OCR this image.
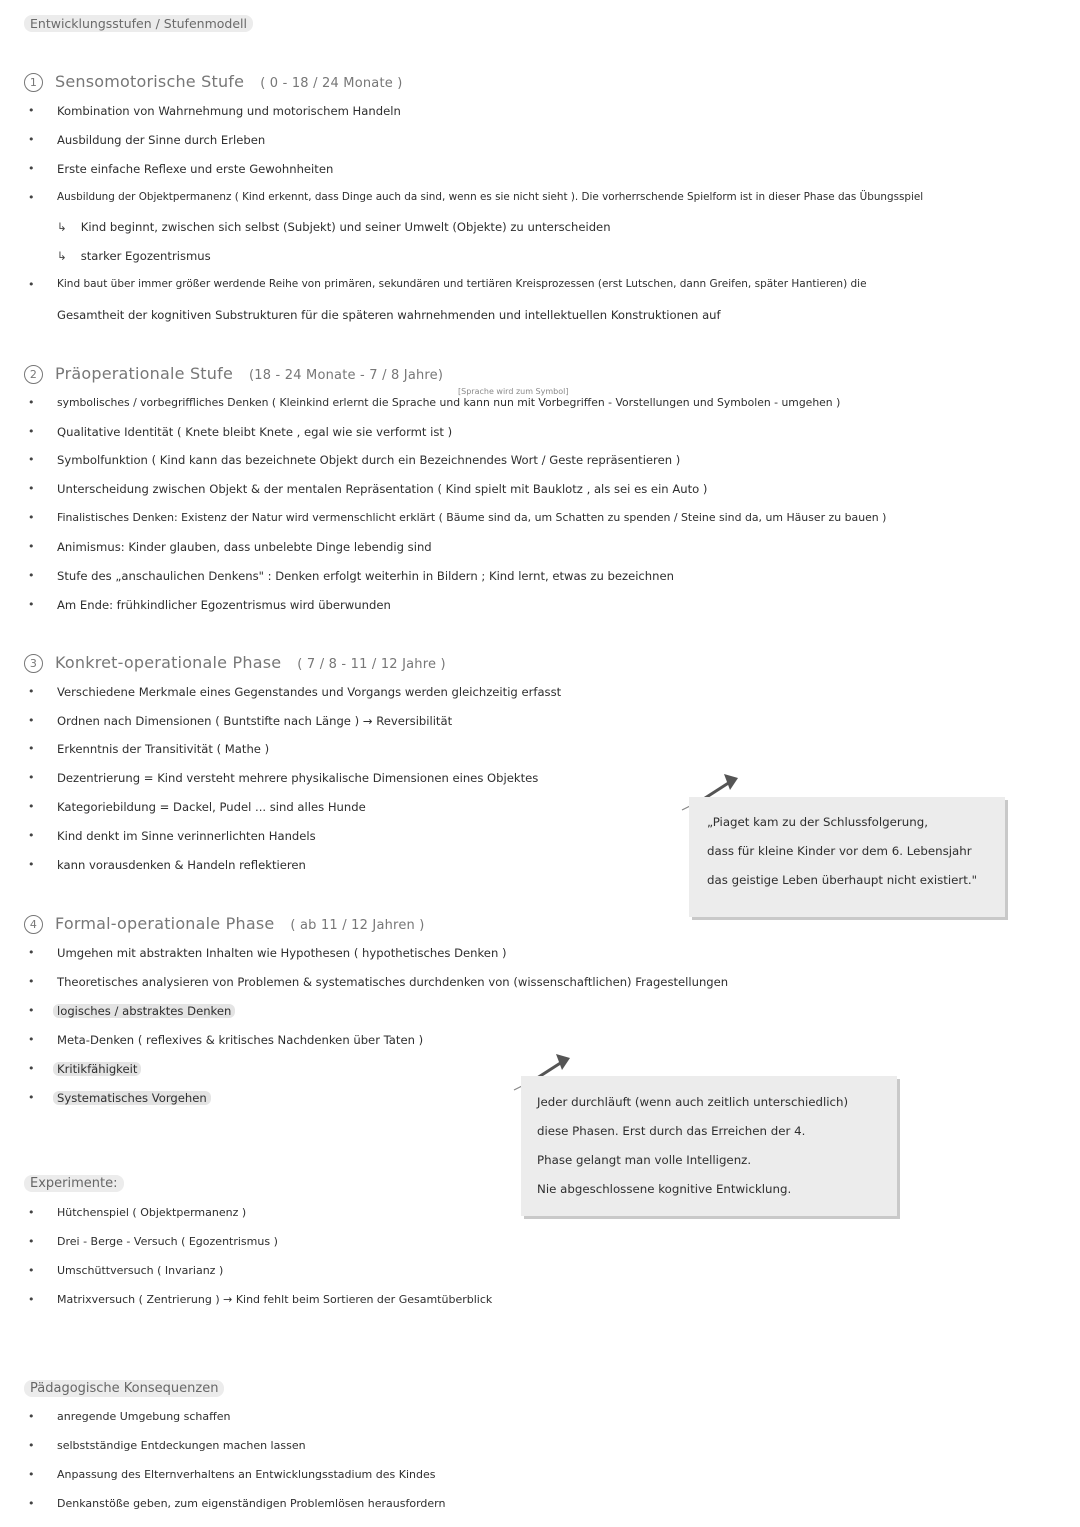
Entwicklungsstufen / Stufenmodell
1 Sensomotorische Stufe ( 0 - 18 / 24 Monate )
• Kombination von Wahrnehmung und motorischem Handeln
• Ausbildung der Sinne durch Erleben
• Erste einfache Reflexe und erste Gewohnheiten
• Ausbildung der Objektpermanenz ( Kind erkennt, dass Dinge auch da sind, wenn es sie nicht sieht ). Die vorherrschende Spielform ist in dieser Phase das Übungsspiel
↳ Kind beginnt, zwischen sich selbst (Subjekt) und seiner Umwelt (Objekte) zu unterscheiden
↳ starker Egozentrismus
• Kind baut über immer größer werdende Reihe von primären, sekundären und tertiären Kreisprozessen (erst Lutschen, dann Greifen, später Hantieren) die
Gesamtheit der kognitiven Substrukturen für die späteren wahrnehmenden und intellektuellen Konstruktionen auf
2 Präoperationale Stufe (18 - 24 Monate - 7 / 8 Jahre)
[Sprache wird zum Symbol]
• symbolisches / vorbegriffliches Denken ( Kleinkind erlernt die Sprache und kann nun mit Vorbegriffen - Vorstellungen und Symbolen - umgehen )
• Qualitative Identität ( Knete bleibt Knete , egal wie sie verformt ist )
• Symbolfunktion ( Kind kann das bezeichnete Objekt durch ein Bezeichnendes Wort / Geste repräsentieren )
• Unterscheidung zwischen Objekt & der mentalen Repräsentation ( Kind spielt mit Bauklotz , als sei es ein Auto )
• Finalistisches Denken: Existenz der Natur wird vermenschlicht erklärt ( Bäume sind da, um Schatten zu spenden / Steine sind da, um Häuser zu bauen )
• Animismus: Kinder glauben, dass unbelebte Dinge lebendig sind
• Stufe des „anschaulichen Denkens" : Denken erfolgt weiterhin in Bildern ; Kind lernt, etwas zu bezeichnen
• Am Ende: frühkindlicher Egozentrismus wird überwunden
3 Konkret-operationale Phase ( 7 / 8 - 11 / 12 Jahre )
• Verschiedene Merkmale eines Gegenstandes und Vorgangs werden gleichzeitig erfasst
• Ordnen nach Dimensionen ( Buntstifte nach Länge ) → Reversibilität
• Erkenntnis der Transitivität ( Mathe )
• Dezentrierung = Kind versteht mehrere physikalische Dimensionen eines Objektes
• Kategoriebildung = Dackel, Pudel ... sind alles Hunde
• Kind denkt im Sinne verinnerlichten Handels
• kann vorausdenken & Handeln reflektieren
„Piaget kam zu der Schlussfolgerung,
dass für kleine Kinder vor dem 6. Lebensjahr
das geistige Leben überhaupt nicht existiert."
4 Formal-operationale Phase ( ab 11 / 12 Jahren )
• Umgehen mit abstrakten Inhalten wie Hypothesen ( hypothetisches Denken )
• Theoretisches analysieren von Problemen & systematisches durchdenken von (wissenschaftlichen) Fragestellungen
•	logisches / abstraktes Denken
• Meta-Denken ( reflexives & kritisches Nachdenken über Taten )
•	Kritikfähigkeit
•	Systematisches Vorgehen	Jeder durchläuft (wenn auch zeitlich unterschiedlich)
diese Phasen. Erst durch das Erreichen der 4.
Phase gelangt man volle Intelligenz.
Nie abgeschlossene kognitive Entwicklung.
Experimente:
• Hütchenspiel ( Objektpermanenz )
• Drei - Berge - Versuch ( Egozentrismus )
• Umschüttversuch ( Invarianz )
• Matrixversuch ( Zentrierung ) → Kind fehlt beim Sortieren der Gesamtüberblick
Pädagogische Konsequenzen
• anregende Umgebung schaffen
• selbstständige Entdeckungen machen lassen
• Anpassung des Elternverhaltens an Entwicklungsstadium des Kindes
• Denkanstöße geben, zum eigenständigen Problemlösen herausfordern
